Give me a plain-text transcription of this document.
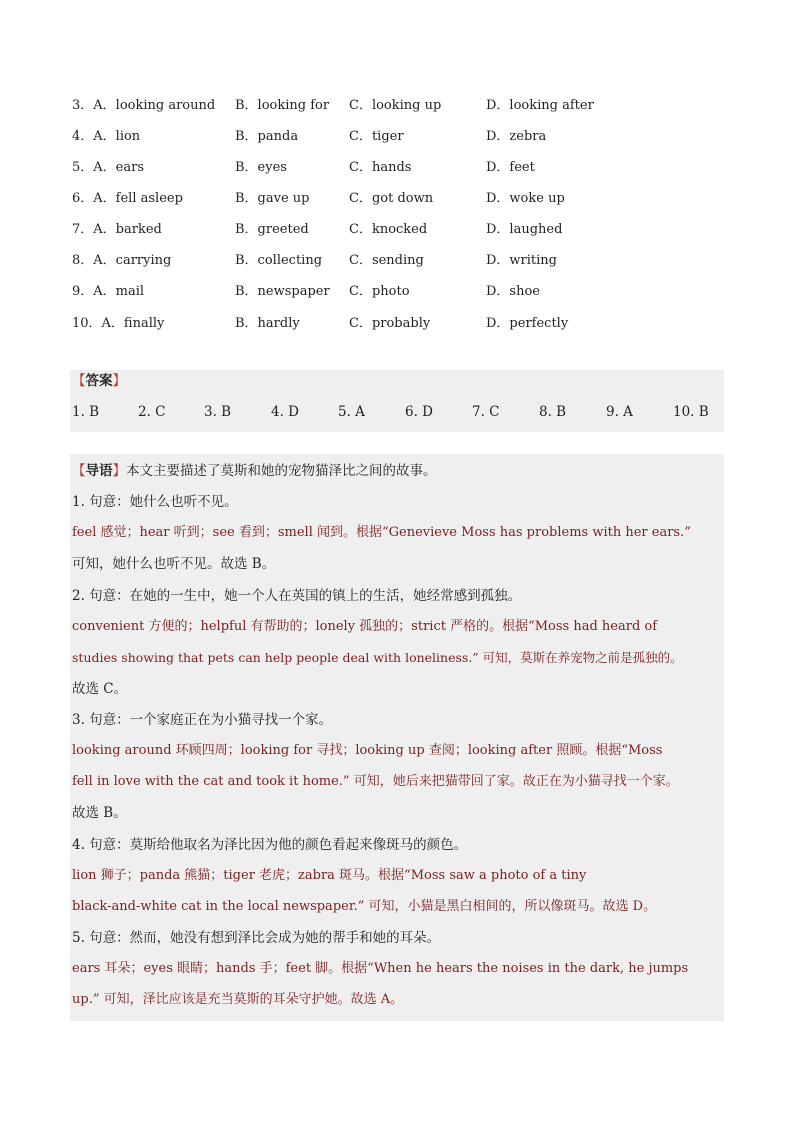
3．A．looking around B．looking for C．looking up	D．looking after
4．A．lion	B．panda	C．tiger	D．zebra
5．A．ears	B．eyes	C．hands	D．feet
6．A．fell asleep	B．gave up	C．got down	D．woke up
7．A．barked	B．greeted	C．knocked	D．laughed
8．A．carrying	B．collecting C．sending	D．writing
9．A．mail	B．newspaper C．photo	D．shoe
10．A．finally	B．hardly	C．probably	D．perfectly
【答案】
1. B	2. C	3. B	4. D	5. A	6. D	7. C	8. B	9. A	10. B
【导语】本文主要描述了莫斯和她的宠物猫泽比之间的故事。
1. 句意：她什么也听不见。
feel 感觉；hear 听到；see 看到；smell 闻到。根据“Genevieve Moss has problems with her ears.”
可知，她什么也听不见。故选 B。
2. 句意：在她的一生中，她一个人在英国的镇上的生活，她经常感到孤独。
convenient 方便的；helpful 有帮助的；lonely 孤独的；strict 严格的。根据“Moss had heard of
studies showing that pets can help people deal with loneliness.” 可知，莫斯在养宠物之前是孤独的。
故选 C。
3. 句意：一个家庭正在为小猫寻找一个家。
looking around 环顾四周；looking for 寻找；looking up 查阅；looking after 照顾。根据“Moss
fell in love with the cat and took it home.” 可知，她后来把猫带回了家。故正在为小猫寻找一个家。
故选 B。
4. 句意：莫斯给他取名为泽比因为他的颜色看起来像斑马的颜色。
lion 狮子；panda 熊猫；tiger 老虎；zabra 斑马。根据“Moss saw a photo of a tiny
black-and-white cat in the local newspaper.” 可知，小猫是黑白相间的，所以像斑马。故选 D。
5. 句意：然而，她没有想到泽比会成为她的帮手和她的耳朵。
ears 耳朵；eyes 眼睛；hands 手；feet 脚。根据“When he hears the noises in the dark, he jumps
up.” 可知，泽比应该是充当莫斯的耳朵守护她。故选 A。
